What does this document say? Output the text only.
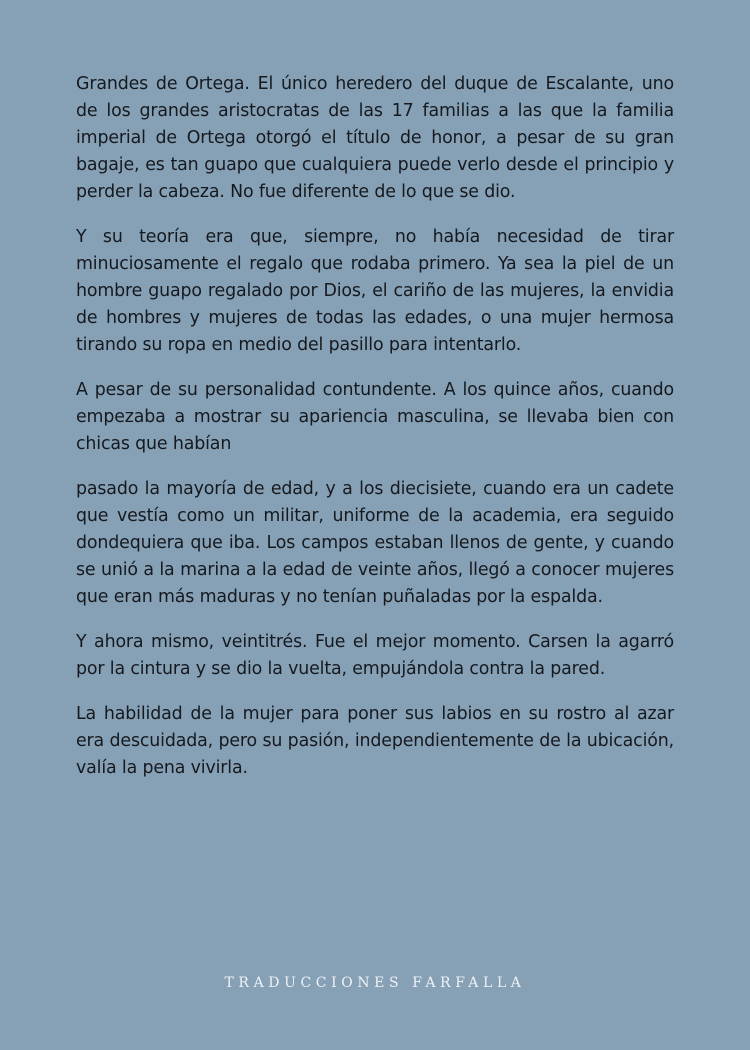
Grandes de Ortega. El único heredero del duque de Escalante, uno de los grandes aristocratas de las 17 familias a las que la familia imperial de Ortega otorgó el título de honor, a pesar de su gran bagaje, es tan guapo que cualquiera puede verlo desde el principio y perder la cabeza. No fue diferente de lo que se dio.

Y su teoría era que, siempre, no había necesidad de tirar minuciosamente el regalo que rodaba primero. Ya sea la piel de un hombre guapo regalado por Dios, el cariño de las mujeres, la envidia de hombres y mujeres de todas las edades, o una mujer hermosa tirando su ropa en medio del pasillo para intentarlo.

A pesar de su personalidad contundente. A los quince años, cuando empezaba a mostrar su apariencia masculina, se llevaba bien con chicas que habían

pasado la mayoría de edad, y a los diecisiete, cuando era un cadete que vestía como un militar, uniforme de la academia, era seguido dondequiera que iba. Los campos estaban llenos de gente, y cuando se unió a la marina a la edad de veinte años, llegó a conocer mujeres que eran más maduras y no tenían puñaladas por la espalda.

Y ahora mismo, veintitrés. Fue el mejor momento. Carsen la agarró por la cintura y se dio la vuelta, empujándola contra la pared.

La habilidad de la mujer para poner sus labios en su rostro al azar era descuidada, pero su pasión, independientemente de la ubicación, valía la pena vivirla.

TRADUCCIONES FARFALLA
